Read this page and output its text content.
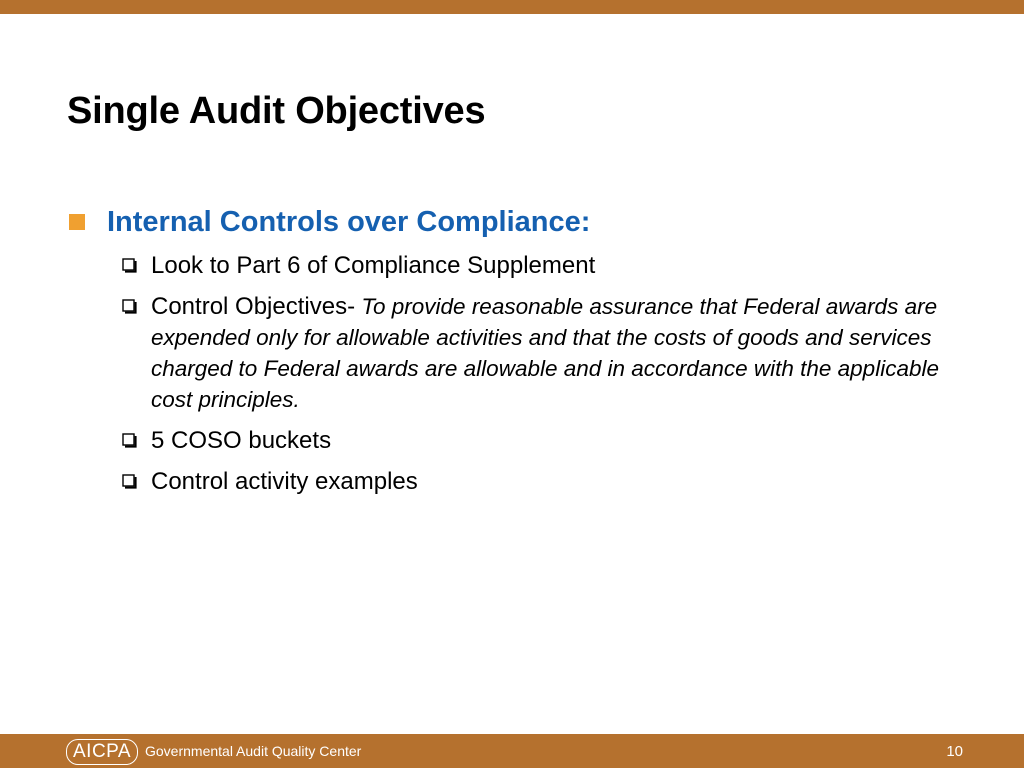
Single Audit Objectives
Internal Controls over Compliance:
Look to Part 6 of Compliance Supplement
Control Objectives- To provide reasonable assurance that Federal awards are expended only for allowable activities and that the costs of goods and services charged to Federal awards are allowable and in accordance with the applicable cost principles.
5 COSO buckets
Control activity examples
AICPA Governmental Audit Quality Center	10
